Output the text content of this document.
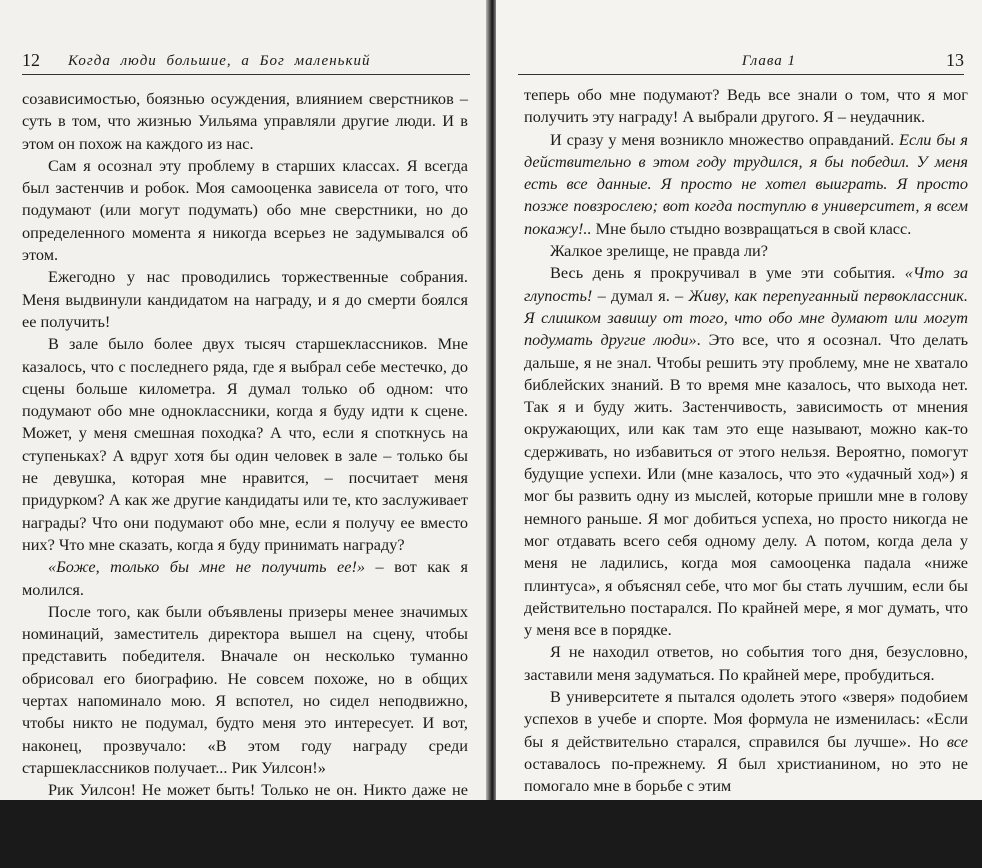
12 Когда люди большие, а Бог маленький

созависимостью, боязнью осуждения, влиянием сверстников – суть в том, что жизнью Уильяма управляли другие люди. И в этом он похож на каждого из нас.

Сам я осознал эту проблему в старших классах. Я всегда был застенчив и робок. Моя самооценка зависела от того, что подумают (или могут подумать) обо мне сверстники, но до определенного момента я никогда всерьез не задумывался об этом.

Ежегодно у нас проводились торжественные собрания. Меня выдвинули кандидатом на награду, и я до смерти боялся ее получить!

В зале было более двух тысяч старшеклассников. Мне казалось, что с последнего ряда, где я выбрал себе местечко, до сцены больше километра. Я думал только об одном: что подумают обо мне одноклассники, когда я буду идти к сцене. Может, у меня смешная походка? А что, если я споткнусь на ступеньках? А вдруг хотя бы один человек в зале – только бы не девушка, которая мне нравится, – посчитает меня придурком? А как же другие кандидаты или те, кто заслуживает награды? Что они подумают обо мне, если я получу ее вместо них? Что мне сказать, когда я буду принимать награду?

«Боже, только бы мне не получить ее!» – вот как я молился.

После того, как были объявлены призеры менее значимых номинаций, заместитель директора вышел на сцену, чтобы представить победителя. Вначале он несколько туманно обрисовал его биографию. Не совсем похоже, но в общих чертах напоминало мою. Я вспотел, но сидел неподвижно, чтобы никто не подумал, будто меня это интересует. И вот, наконец, прозвучало: «В этом году награду среди старшеклассников получает... Рик Уилсон!»

Рик Уилсон! Не может быть! Только не он. Никто даже не считал его кандидатом!

Представьте, что я тогда почувствовал. Облегчение?! Отнюдь. Я посчитал себя полным неудачником. Что же

Глава 1	13

теперь обо мне подумают? Ведь все знали о том, что я мог получить эту награду! А выбрали другого. Я – неудачник.

И сразу у меня возникло множество оправданий. Если бы я действительно в этом году трудился, я бы победил. У меня есть все данные. Я просто не хотел выиграть. Я просто позже повзрослею; вот когда поступлю в университет, я всем покажу!.. Мне было стыдно возвращаться в свой класс.

Жалкое зрелище, не правда ли?

Весь день я прокручивал в уме эти события. «Что за глупость! – думал я. – Живу, как перепуганный первоклассник. Я слишком завишу от того, что обо мне думают или могут подумать другие люди». Это все, что я осознал. Что делать дальше, я не знал. Чтобы решить эту проблему, мне не хватало библейских знаний. В то время мне казалось, что выхода нет. Так я и буду жить. Застенчивость, зависимость от мнения окружающих, или как там это еще называют, можно как-то сдерживать, но избавиться от этого нельзя. Вероятно, помогут будущие успехи. Или (мне казалось, что это «удачный ход») я мог бы развить одну из мыслей, которые пришли мне в голову немного раньше. Я мог добиться успеха, но просто никогда не мог отдавать всего себя одному делу. А потом, когда дела у меня не ладились, когда моя самооценка падала «ниже плинтуса», я объяснял себе, что мог бы стать лучшим, если бы действительно постарался. По крайней мере, я мог думать, что у меня все в порядке.

Я не находил ответов, но события того дня, безусловно, заставили меня задуматься. По крайней мере, пробудиться.

В университете я пытался одолеть этого «зверя» подобием успехов в учебе и спорте. Моя формула не изменилась: «Если бы я действительно старался, справился бы лучше». Но все оставалось по-прежнему. Я был христианином, но это не помогало мне в борьбе с этим
